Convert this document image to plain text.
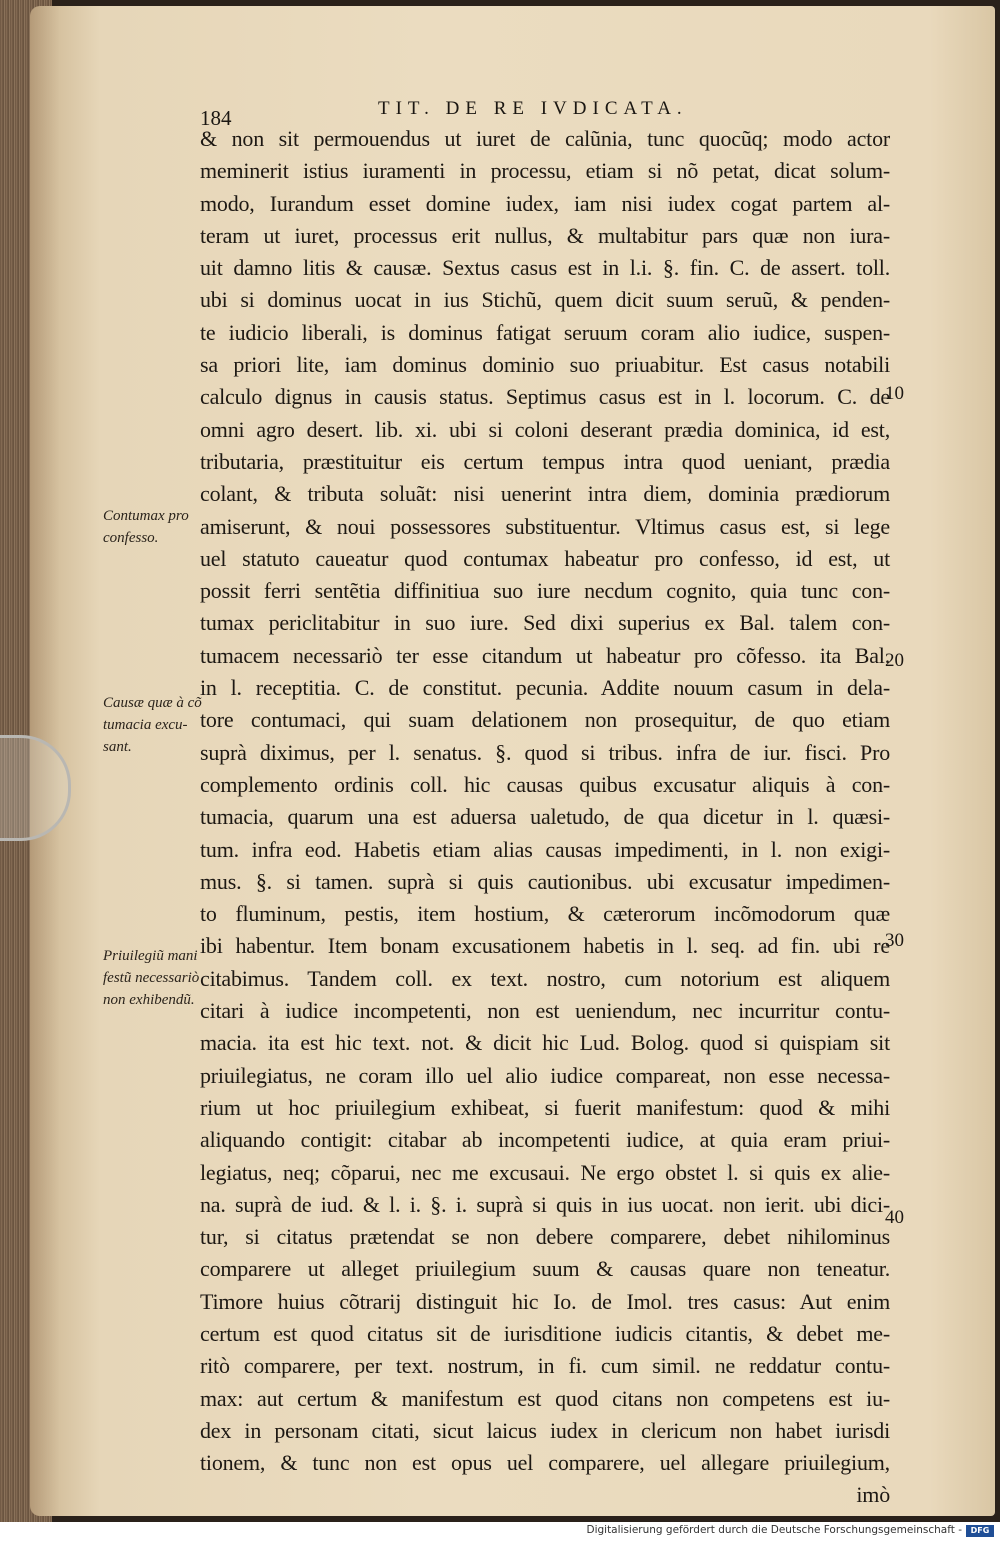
184	TIT. DE RE IVDICATA.
& non sit permouendus ut iuret de calũnia, tunc quocũq; modo actor
meminerit istius iuramenti in processu, etiam si nõ petat, dicat solum-
modo, Iurandum esset domine iudex, iam nisi iudex cogat partem al-
teram ut iuret, processus erit nullus, & multabitur pars quæ non iura-
uit damno litis & causæ. Sextus casus est in l.i. §. fin. C. de assert. toll.
ubi si dominus uocat in ius Stichũ, quem dicit suum seruũ, & penden-
te iudicio liberali, is dominus fatigat seruum coram alio iudice, suspen-
sa priori lite, iam dominus dominio suo priuabitur. Est casus notabili
calculo dignus in causis status. Septimus casus est in l. locorum. C. de
omni agro desert. lib. xi. ubi si coloni deserant prædia dominica, id est,
tributaria, præstituitur eis certum tempus intra quod ueniant, prædia
colant, & tributa soluãt: nisi uenerint intra diem, dominia prædiorum
amiserunt, & noui possessores substituentur. Vltimus casus est, si lege
uel statuto caueatur quod contumax habeatur pro confesso, id est, ut
possit ferri sentẽtia diffinitiua suo iure necdum cognito, quia tunc con-
tumax periclitabitur in suo iure. Sed dixi superius ex Bal. talem con-
tumacem necessariò ter esse citandum ut habeatur pro cõfesso. ita Bal.
in l. receptitia. C. de constitut. pecunia. Addite nouum casum in dela-
tore contumaci, qui suam delationem non prosequitur, de quo etiam
suprà diximus, per l. senatus. §. quod si tribus. infra de iur. fisci. Pro
complemento ordinis coll. hic causas quibus excusatur aliquis à con-
tumacia, quarum una est aduersa ualetudo, de qua dicetur in l. quæsi-
tum. infra eod. Habetis etiam alias causas impedimenti, in l. non exigi-
mus. §. si tamen. suprà si quis cautionibus. ubi excusatur impedimen-
to fluminum, pestis, item hostium, & cæterorum incõmodorum quæ
ibi habentur. Item bonam excusationem habetis in l. seq. ad fin. ubi re
citabimus. Tandem coll. ex text. nostro, cum notorium est aliquem
citari à iudice incompetenti, non est ueniendum, nec incurritur contu-
macia. ita est hic text. not. & dicit hic Lud. Bolog. quod si quispiam sit
priuilegiatus, ne coram illo uel alio iudice compareat, non esse necessa-
rium ut hoc priuilegium exhibeat, si fuerit manifestum: quod & mihi
aliquando contigit: citabar ab incompetenti iudice, at quia eram priui-
legiatus, neq; cõparui, nec me excusaui. Ne ergo obstet l. si quis ex alie-
na. suprà de iud. & l. i. §. i. suprà si quis in ius uocat. non ierit. ubi dici-
tur, si citatus prætendat se non debere comparere, debet nihilominus
comparere ut alleget priuilegium suum & causas quare non teneatur.
Timore huius cõtrarij distinguit hic Io. de Imol. tres casus: Aut enim
certum est quod citatus sit de iurisditione iudicis citantis, & debet me-
ritò comparere, per text. nostrum, in fi. cum simil. ne reddatur contu-
max: aut certum & manifestum est quod citans non competens est iu-
dex in personam citati, sicut laicus iudex in clericum non habet iurisdi
tionem, & tunc non est opus uel comparere, uel allegare priuilegium,
imò
Contumax pro
confesso.
Causæ quæ à cõ
tumacia excu-
sant.
Priuilegiũ mani
festũ necessariò
non exhibendũ.
10
20
30
40
Digitalisierung gefördert durch die Deutsche Forschungsgemeinschaft -	DFG
